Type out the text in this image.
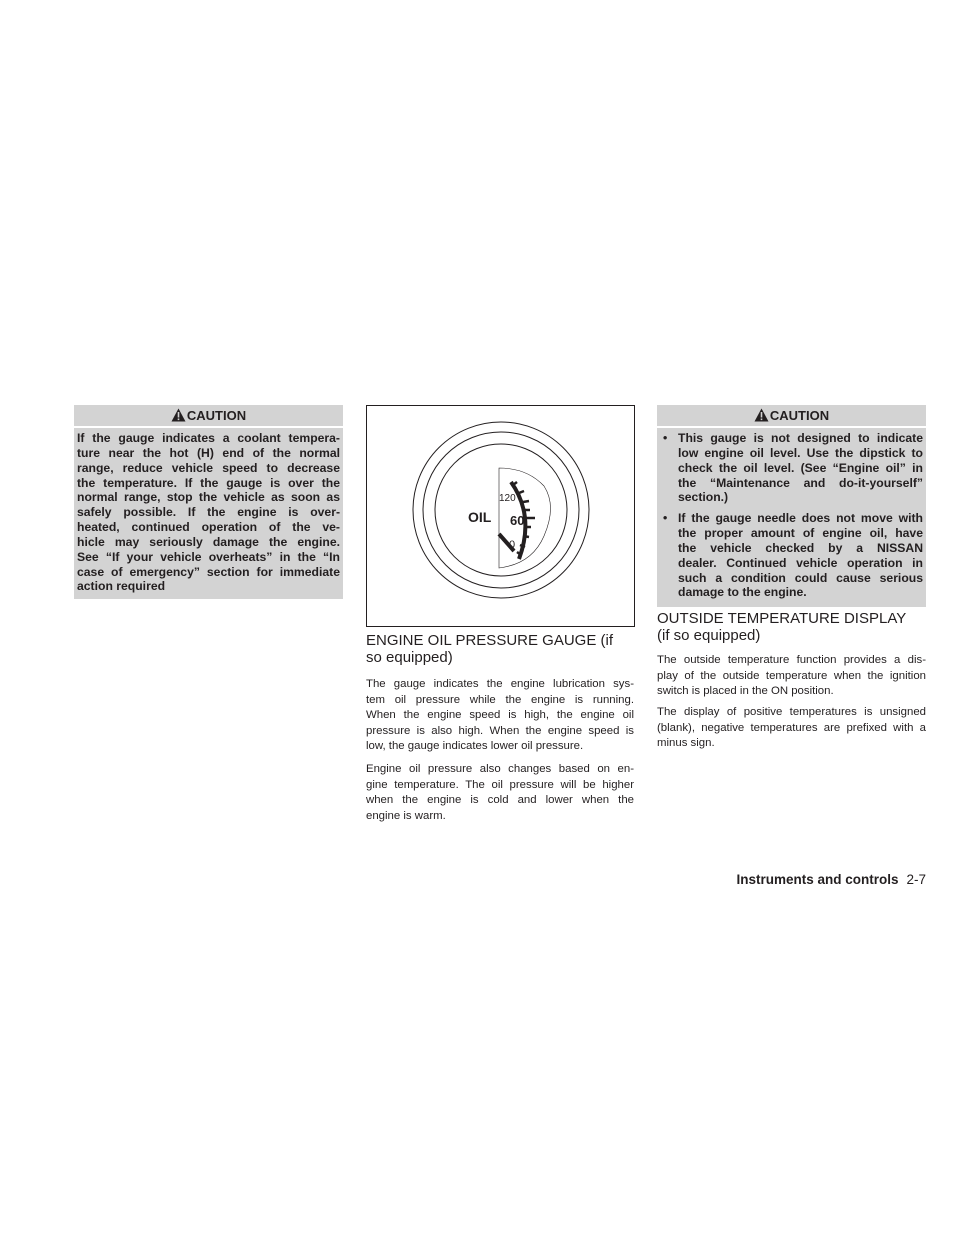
CAUTION
If the gauge indicates a coolant tempera-
ture near the hot (H) end of the normal
range, reduce vehicle speed to decrease
the temperature. If the gauge is over the
normal range, stop the vehicle as soon as
safely possible. If the engine is over-
heated, continued operation of the ve-
hicle may seriously damage the engine.
See “If your vehicle overheats” in the “In
case of emergency” section for immediate
action required
OIL
120
60
0
ENGINE OIL PRESSURE GAUGE (if
so equipped)
The gauge indicates the engine lubrication sys-
tem oil pressure while the engine is running.
When the engine speed is high, the engine oil
pressure is also high. When the engine speed is
low, the gauge indicates lower oil pressure.
Engine oil pressure also changes based on en-
gine temperature. The oil pressure will be higher
when the engine is cold and lower when the
engine is warm.
CAUTION
• This gauge is not designed to indicate
low engine oil level. Use the dipstick to
check the oil level. (See “Engine oil” in
the “Maintenance and do-it-yourself”
section.)
• If the gauge needle does not move with
the proper amount of engine oil, have
the vehicle checked by a NISSAN
dealer. Continued vehicle operation in
such a condition could cause serious
damage to the engine.
OUTSIDE TEMPERATURE DISPLAY
(if so equipped)
The outside temperature function provides a dis-
play of the outside temperature when the ignition
switch is placed in the ON position.
The display of positive temperatures is unsigned
(blank), negative temperatures are prefixed with a
minus sign.
Instruments and controls 2-7
